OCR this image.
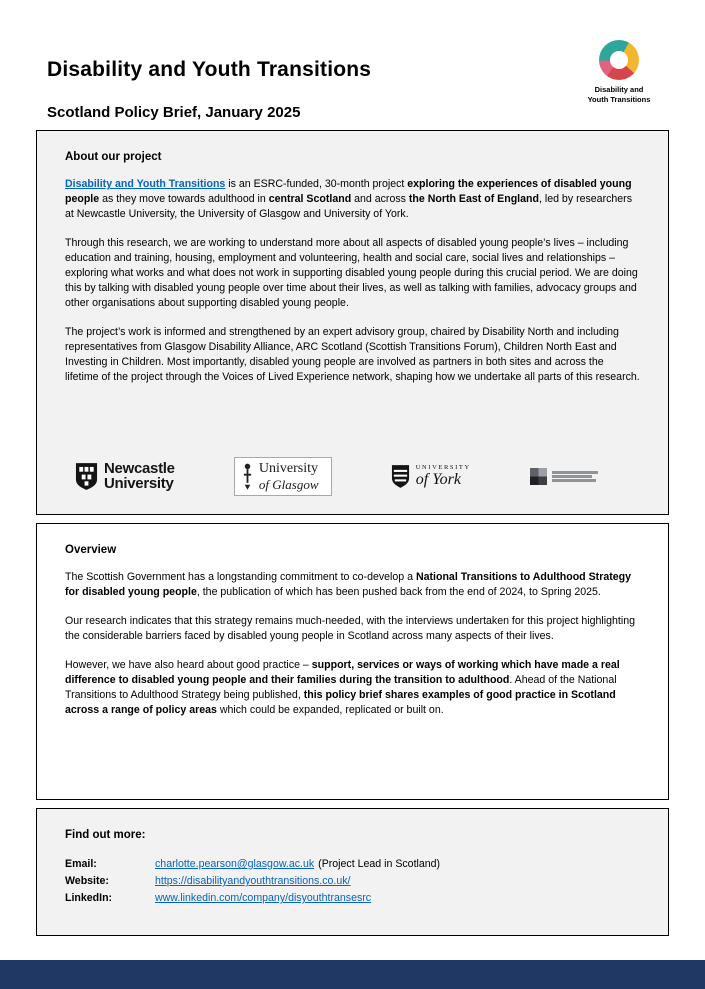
Disability and Youth Transitions
Scotland Policy Brief, January 2025
Disability and
Youth Transitions
About our project

Disability and Youth Transitions is an ESRC-funded, 30-month project exploring the experiences of disabled young people as they move towards adulthood in central Scotland and across the North East of England, led by researchers at Newcastle University, the University of Glasgow and University of York.

Through this research, we are working to understand more about all aspects of disabled young people’s lives – including education and training, housing, employment and volunteering, health and social care, social lives and relationships – exploring what works and what does not work in supporting disabled young people during this crucial period. We are doing this by talking with disabled young people over time about their lives, as well as talking with families, advocacy groups and other organisations about supporting disabled young people.

The project’s work is informed and strengthened by an expert advisory group, chaired by Disability North and including representatives from Glasgow Disability Alliance, ARC Scotland (Scottish Transitions Forum), Children North East and Investing in Children. Most importantly, disabled young people are involved as partners in both sites and across the lifetime of the project through the Voices of Lived Experience network, shaping how we undertake all parts of this research.

Newcastle
University
University
of Glasgow
UNIVERSITY
of York
Overview

The Scottish Government has a longstanding commitment to co-develop a National Transitions to Adulthood Strategy for disabled young people, the publication of which has been pushed back from the end of 2024, to Spring 2025.

Our research indicates that this strategy remains much-needed, with the interviews undertaken for this project highlighting the considerable barriers faced by disabled young people in Scotland across many aspects of their lives.

However, we have also heard about good practice – support, services or ways of working which have made a real difference to disabled young people and their families during the transition to adulthood. Ahead of the National Transitions to Adulthood Strategy being published, this policy brief shares examples of good practice in Scotland across a range of policy areas which could be expanded, replicated or built on.

Find out more:
Email:	charlotte.pearson@glasgow.ac.uk (Project Lead in Scotland)
Website:	https://disabilityandyouthtransitions.co.uk/
LinkedIn:	www.linkedin.com/company/disyouthtransesrc
